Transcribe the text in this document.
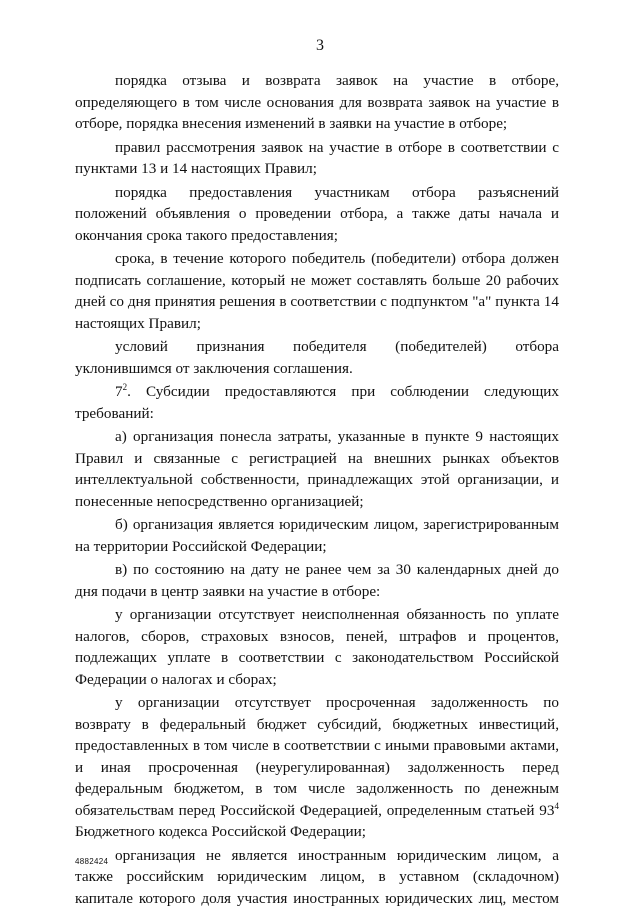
3

порядка отзыва и возврата заявок на участие в отборе, определяющего в том числе основания для возврата заявок на участие в отборе, порядка внесения изменений в заявки на участие в отборе;

правил рассмотрения заявок на участие в отборе в соответствии с пунктами 13 и 14 настоящих Правил;

порядка предоставления участникам отбора разъяснений положений объявления о проведении отбора, а также даты начала и окончания срока такого предоставления;

срока, в течение которого победитель (победители) отбора должен подписать соглашение, который не может составлять больше 20 рабочих дней со дня принятия решения в соответствии с подпунктом "а" пункта 14 настоящих Правил;

условий признания победителя (победителей) отбора уклонившимся от заключения соглашения.

$7^2$. Субсидии предоставляются при соблюдении следующих требований:

а) организация понесла затраты, указанные в пункте 9 настоящих Правил и связанные с регистрацией на внешних рынках объектов интеллектуальной собственности, принадлежащих этой организации, и понесенные непосредственно организацией;

б) организация является юридическим лицом, зарегистрированным на территории Российской Федерации;

в) по состоянию на дату не ранее чем за 30 календарных дней до дня подачи в центр заявки на участие в отборе:

у организации отсутствует неисполненная обязанность по уплате налогов, сборов, страховых взносов, пеней, штрафов и процентов, подлежащих уплате в соответствии с законодательством Российской Федерации о налогах и сборах;

у организации отсутствует просроченная задолженность по возврату в федеральный бюджет субсидий, бюджетных инвестиций, предоставленных в том числе в соответствии с иными правовыми актами, и иная просроченная (неурегулированная) задолженность перед федеральным бюджетом, в том числе задолженность по денежным обязательствам перед Российской Федерацией, определенным статьей $93^4$ Бюджетного кодекса Российской Федерации;

организация не является иностранным юридическим лицом, а также российским юридическим лицом, в уставном (складочном) капитале которого доля участия иностранных юридических лиц, местом

4882424
